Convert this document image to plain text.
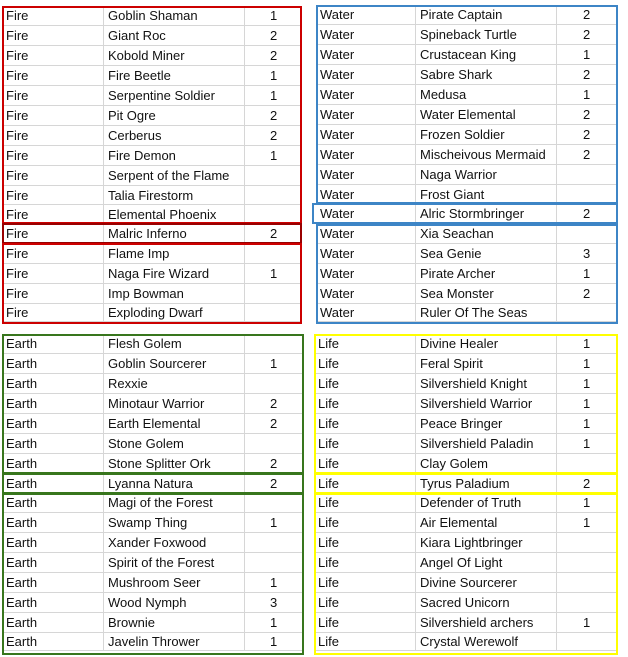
Fire	Goblin Shaman	1
Fire	Giant Roc	2
Fire	Kobold Miner	2
Fire	Fire Beetle	1
Fire	Serpentine Soldier	1
Fire	Pit Ogre	2
Fire	Cerberus	2
Fire	Fire Demon	1
Fire	Serpent of the Flame
Fire	Talia Firestorm
Fire	Elemental Phoenix
Fire	Malric Inferno	2
Fire	Flame Imp
Fire	Naga Fire Wizard	1
Fire	Imp Bowman
Fire	Exploding Dwarf
Water	Pirate Captain	2
Water	Spineback Turtle	2
Water	Crustacean King	1
Water	Sabre Shark	2
Water	Medusa	1
Water	Water Elemental	2
Water	Frozen Soldier	2
Water	Mischeivous Mermaid	2
Water	Naga Warrior
Water	Frost Giant
Water	Alric Stormbringer	2
Water	Xia Seachan
Water	Sea Genie	3
Water	Pirate Archer	1
Water	Sea Monster	2
Water	Ruler Of The Seas
Earth	Flesh Golem
Earth	Goblin Sourcerer	1
Earth	Rexxie
Earth	Minotaur Warrior	2
Earth	Earth Elemental	2
Earth	Stone Golem
Earth	Stone Splitter Ork	2
Earth	Lyanna Natura	2
Earth	Magi of the Forest
Earth	Swamp Thing	1
Earth	Xander Foxwood
Earth	Spirit of the Forest
Earth	Mushroom Seer	1
Earth	Wood Nymph	3
Earth	Brownie	1
Earth	Javelin Thrower	1
Life	Divine Healer	1
Life	Feral Spirit	1
Life	Silvershield Knight	1
Life	Silvershield Warrior	1
Life	Peace Bringer	1
Life	Silvershield Paladin	1
Life	Clay Golem
Life	Tyrus Paladium	2
Life	Defender of Truth	1
Life	Air Elemental	1
Life	Kiara Lightbringer
Life	Angel Of Light
Life	Divine Sourcerer
Life	Sacred Unicorn
Life	Silvershield archers	1
Life	Crystal Werewolf
